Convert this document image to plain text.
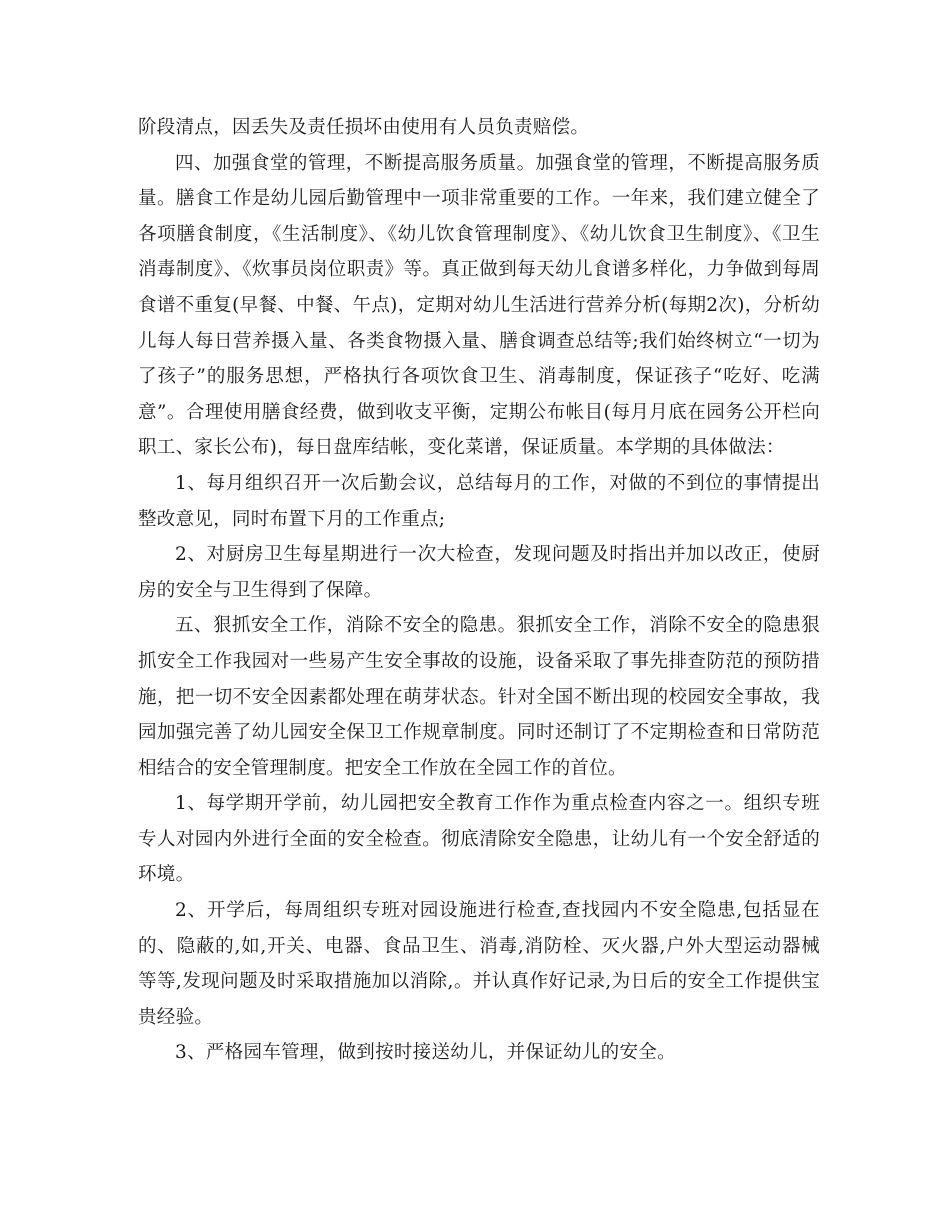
阶段清点，因丢失及责任损坏由使用有人员负责赔偿。

四、加强食堂的管理，不断提高服务质量。加强食堂的管理，不断提高服务质量。膳食工作是幼儿园后勤管理中一项非常重要的工作。一年来，我们建立健全了各项膳食制度，《生活制度》、《幼儿饮食管理制度》、《幼儿饮食卫生制度》、《卫生消毒制度》、《炊事员岗位职责》等。真正做到每天幼儿食谱多样化，力争做到每周食谱不重复(早餐、中餐、午点)，定期对幼儿生活进行营养分析(每期2次)，分析幼儿每人每日营养摄入量、各类食物摄入量、膳食调查总结等;我们始终树立“一切为了孩子”的服务思想，严格执行各项饮食卫生、消毒制度，保证孩子“吃好、吃满意”。合理使用膳食经费，做到收支平衡，定期公布帐目(每月月底在园务公开栏向职工、家长公布)，每日盘库结帐，变化菜谱，保证质量。本学期的具体做法：

1、每月组织召开一次后勤会议，总结每月的工作，对做的不到位的事情提出整改意见，同时布置下月的工作重点;

2、对厨房卫生每星期进行一次大检查，发现问题及时指出并加以改正，使厨房的安全与卫生得到了保障。

五、狠抓安全工作，消除不安全的隐患。狠抓安全工作，消除不安全的隐患狠抓安全工作我园对一些易产生安全事故的设施，设备采取了事先排查防范的预防措施，把一切不安全因素都处理在萌芽状态。针对全国不断出现的校园安全事故，我园加强完善了幼儿园安全保卫工作规章制度。同时还制订了不定期检查和日常防范相结合的安全管理制度。把安全工作放在全园工作的首位。

1、每学期开学前，幼儿园把安全教育工作作为重点检查内容之一。组织专班专人对园内外进行全面的安全检查。彻底清除安全隐患，让幼儿有一个安全舒适的环境。

2、开学后，每周组织专班对园设施进行检查,查找园内不安全隐患,包括显在的、隐蔽的,如,开关、电器、食品卫生、消毒,消防栓、灭火器,户外大型运动器械等等,发现问题及时采取措施加以消除,。并认真作好记录,为日后的安全工作提供宝贵经验。

3、严格园车管理，做到按时接送幼儿，并保证幼儿的安全。
